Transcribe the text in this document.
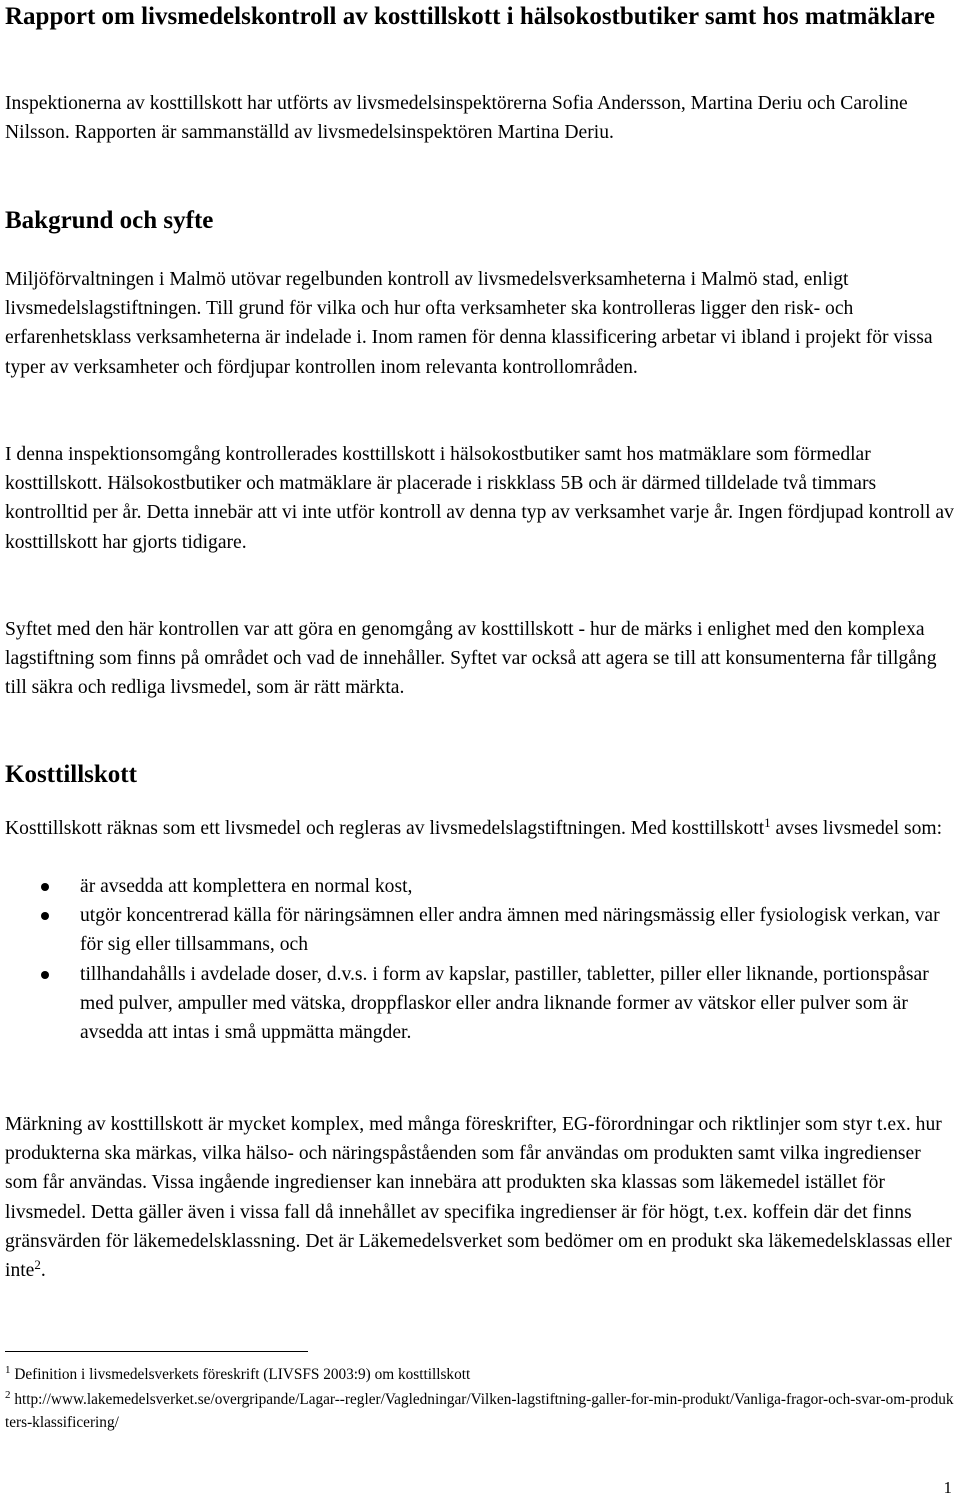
Rapport om livsmedelskontroll av kosttillskott i hälsokostbutiker samt hos matmäklare

Inspektionerna av kosttillskott har utförts av livsmedelsinspektörerna Sofia Andersson, Martina Deriu och Caroline Nilsson. Rapporten är sammanställd av livsmedelsinspektören Martina Deriu.

Bakgrund och syfte

Miljöförvaltningen i Malmö utövar regelbunden kontroll av livsmedelsverksamheterna i Malmö stad, enligt livsmedelslagstiftningen. Till grund för vilka och hur ofta verksamheter ska kontrolleras ligger den risk- och erfarenhetsklass verksamheterna är indelade i. Inom ramen för denna klassificering arbetar vi ibland i projekt för vissa typer av verksamheter och fördjupar kontrollen inom relevanta kontrollområden.

I denna inspektionsomgång kontrollerades kosttillskott i hälsokostbutiker samt hos matmäklare som förmedlar kosttillskott. Hälsokostbutiker och matmäklare är placerade i riskklass 5B och är därmed tilldelade två timmars kontrolltid per år. Detta innebär att vi inte utför kontroll av denna typ av verksamhet varje år. Ingen fördjupad kontroll av kosttillskott har gjorts tidigare.

Syftet med den här kontrollen var att göra en genomgång av kosttillskott - hur de märks i enlighet med den komplexa lagstiftning som finns på området och vad de innehåller. Syftet var också att agera se till att konsumenterna får tillgång till säkra och redliga livsmedel, som är rätt märkta.

Kosttillskott

Kosttillskott räknas som ett livsmedel och regleras av livsmedelslagstiftningen. Med kosttillskott$^1$ avses livsmedel som:

är avsedda att komplettera en normal kost,
utgör koncentrerad källa för näringsämnen eller andra ämnen med näringsmässig eller fysiologisk verkan, var för sig eller tillsammans, och
tillhandahålls i avdelade doser, d.v.s. i form av kapslar, pastiller, tabletter, piller eller liknande, portionspåsar med pulver, ampuller med vätska, droppflaskor eller andra liknande former av vätskor eller pulver som är avsedda att intas i små uppmätta mängder.

Märkning av kosttillskott är mycket komplex, med många föreskrifter, EG-förordningar och riktlinjer som styr t.ex. hur produkterna ska märkas, vilka hälso- och näringspåståenden som får användas om produkten samt vilka ingredienser som får användas. Vissa ingående ingredienser kan innebära att produkten ska klassas som läkemedel istället för livsmedel. Detta gäller även i vissa fall då innehållet av specifika ingredienser är för högt, t.ex. koffein där det finns gränsvärden för läkemedelsklassning. Det är Läkemedelsverket som bedömer om en produkt ska läkemedelsklassas eller inte$^2$.

$^1$ Definition i livsmedelsverkets föreskrift (LIVSFS 2003:9) om kosttillskott

$^2$ http://www.lakemedelsverket.se/overgripande/Lagar--regler/Vagledningar/Vilken-lagstiftning-galler-for-min-produkt/Vanliga-fragor-och-svar-om-produkters-klassificering/

1
